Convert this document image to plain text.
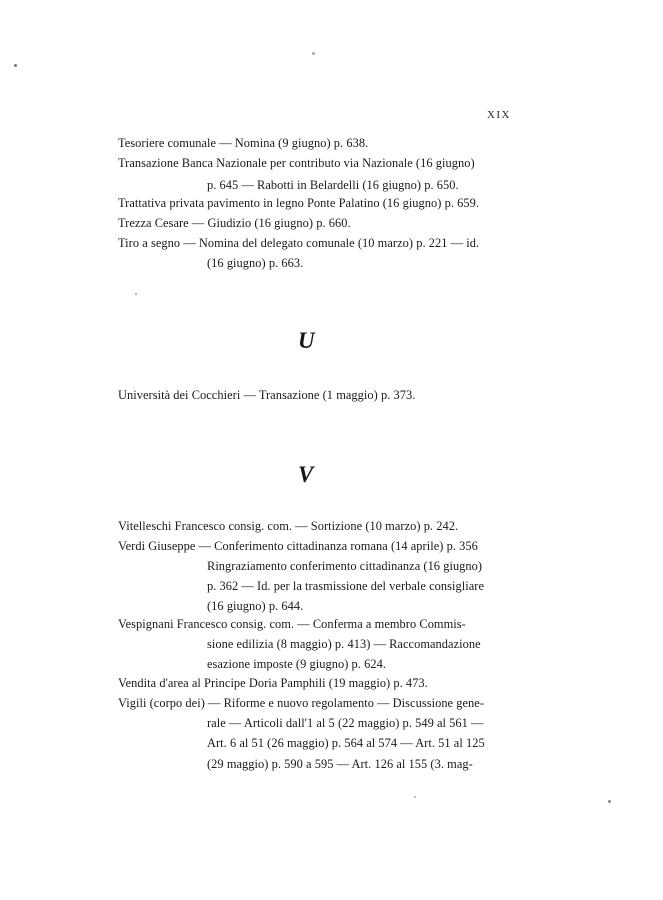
XIX
Tesoriere comunale — Nomina (9 giugno) p. 638.
Transazione Banca Nazionale per contributo via Nazionale (16 giugno)
p. 645 — Rabotti in Belardelli (16 giugno) p. 650.
Trattativa privata pavimento in legno Ponte Palatino (16 giugno) p. 659.
Trezza Cesare — Giudizio (16 giugno) p. 660.
Tiro a segno — Nomina del delegato comunale (10 marzo) p. 221 — id.
(16 giugno) p. 663.
U
Università dei Cocchieri — Transazione (1 maggio) p. 373.
V
Vitelleschi Francesco consig. com. — Sortizione (10 marzo) p. 242.
Verdi Giuseppe — Conferimento cittadinanza romana (14 aprile) p. 356
Ringraziamento conferimento cittadinanza (16 giugno)
p. 362 — Id. per la trasmissione del verbale consigliare
(16 giugno) p. 644.
Vespignani Francesco consig. com. — Conferma a membro Commis-
sione edilizia (8 maggio) p. 413) — Raccomandazione
esazione imposte (9 giugno) p. 624.
Vendita d'area al Principe Doria Pamphili (19 maggio) p. 473.
Vigili (corpo dei) — Riforme e nuovo regolamento — Discussione gene-
rale — Articoli dall'1 al 5 (22 maggio) p. 549 al 561 —
Art. 6 al 51 (26 maggio) p. 564 al 574 — Art. 51 al 125
(29 maggio) p. 590 a 595 — Art. 126 al 155 (3. mag-
